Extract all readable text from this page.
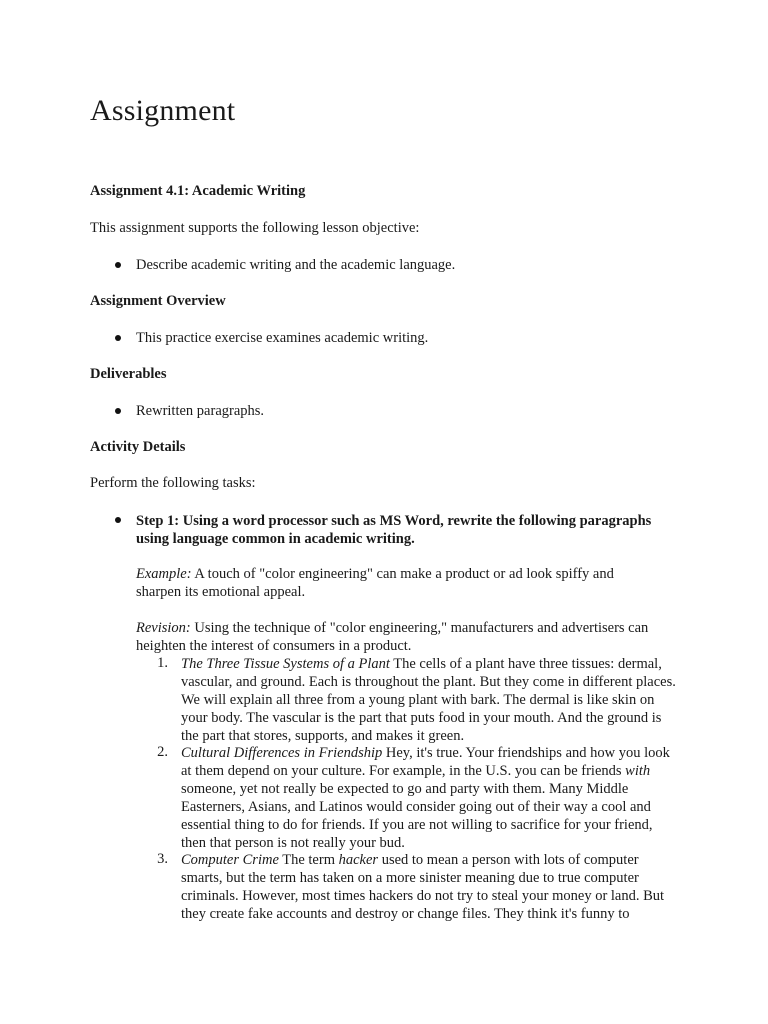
Assignment
Assignment 4.1: Academic Writing
This assignment supports the following lesson objective:
Describe academic writing and the academic language.
Assignment Overview
This practice exercise examines academic writing.
Deliverables
Rewritten paragraphs.
Activity Details
Perform the following tasks:
Step 1: Using a word processor such as MS Word, rewrite the following paragraphs using language common in academic writing.
Example: A touch of "color engineering" can make a product or ad look spiffy and sharpen its emotional appeal.
Revision: Using the technique of "color engineering," manufacturers and advertisers can heighten the interest of consumers in a product.
1. The Three Tissue Systems of a Plant The cells of a plant have three tissues: dermal, vascular, and ground. Each is throughout the plant. But they come in different places. We will explain all three from a young plant with bark. The dermal is like skin on your body. The vascular is the part that puts food in your mouth. And the ground is the part that stores, supports, and makes it green.
2. Cultural Differences in Friendship Hey, it's true. Your friendships and how you look at them depend on your culture. For example, in the U.S. you can be friends with someone, yet not really be expected to go and party with them. Many Middle Easterners, Asians, and Latinos would consider going out of their way a cool and essential thing to do for friends. If you are not willing to sacrifice for your friend, then that person is not really your bud.
3. Computer Crime The term hacker used to mean a person with lots of computer smarts, but the term has taken on a more sinister meaning due to true computer criminals. However, most times hackers do not try to steal your money or land. But they create fake accounts and destroy or change files. They think it's funny to
